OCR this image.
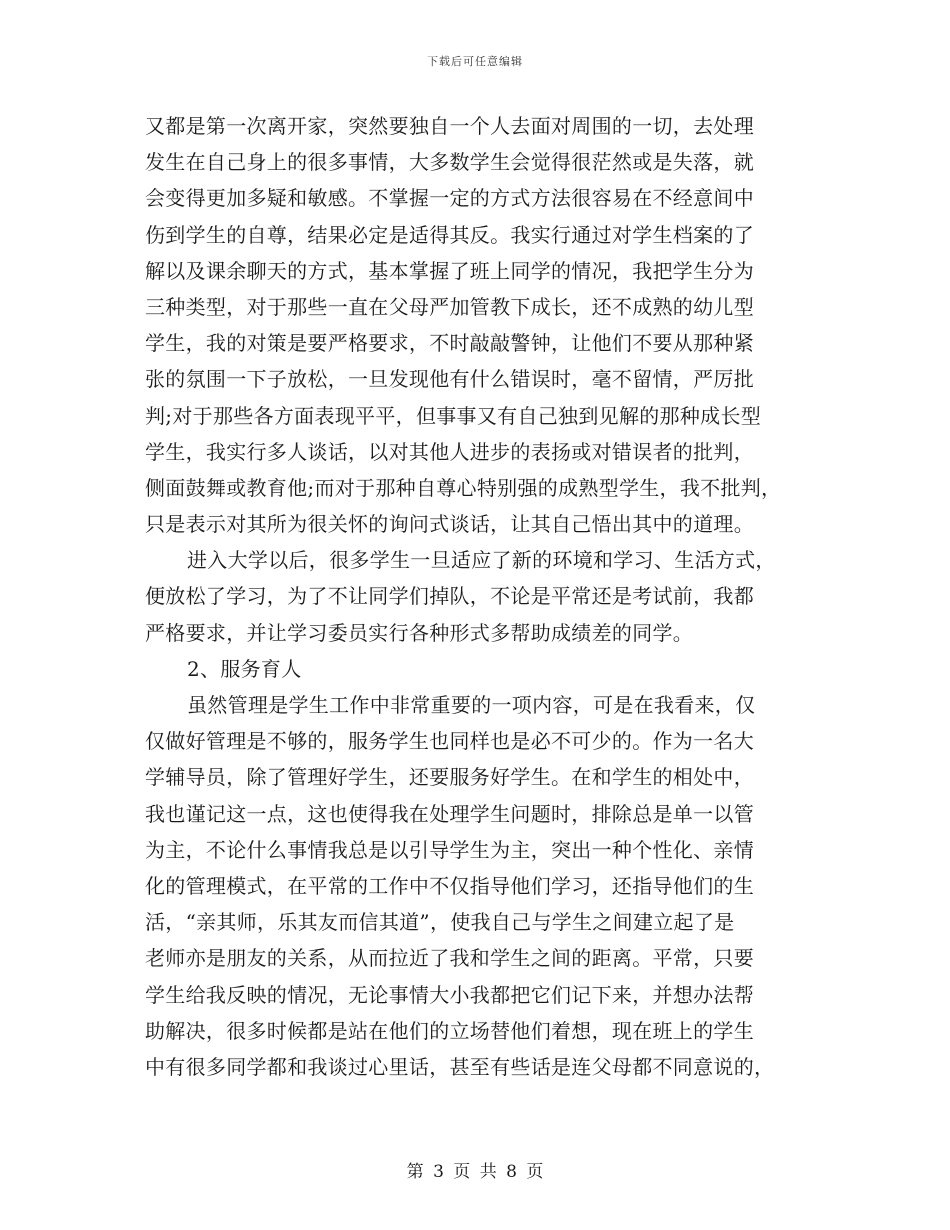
下载后可任意编辑
又都是第一次离开家，突然要独自一个人去面对周围的一切，去处理
发生在自己身上的很多事情，大多数学生会觉得很茫然或是失落，就
会变得更加多疑和敏感。不掌握一定的方式方法很容易在不经意间中
伤到学生的自尊，结果必定是适得其反。我实行通过对学生档案的了
解以及课余聊天的方式，基本掌握了班上同学的情况，我把学生分为
三种类型，对于那些一直在父母严加管教下成长，还不成熟的幼儿型
学生，我的对策是要严格要求，不时敲敲警钟，让他们不要从那种紧
张的氛围一下子放松，一旦发现他有什么错误时，毫不留情，严厉批
判;对于那些各方面表现平平，但事事又有自己独到见解的那种成长型
学生，我实行多人谈话，以对其他人进步的表扬或对错误者的批判，
侧面鼓舞或教育他;而对于那种自尊心特别强的成熟型学生，我不批判，
只是表示对其所为很关怀的询问式谈话，让其自己悟出其中的道理。
进入大学以后，很多学生一旦适应了新的环境和学习、生活方式，
便放松了学习，为了不让同学们掉队，不论是平常还是考试前，我都
严格要求，并让学习委员实行各种形式多帮助成绩差的同学。
2、服务育人
虽然管理是学生工作中非常重要的一项内容，可是在我看来，仅
仅做好管理是不够的，服务学生也同样也是必不可少的。作为一名大
学辅导员，除了管理好学生，还要服务好学生。在和学生的相处中，
我也谨记这一点，这也使得我在处理学生问题时，排除总是单一以管
为主，不论什么事情我总是以引导学生为主，突出一种个性化、亲情
化的管理模式，在平常的工作中不仅指导他们学习，还指导他们的生
活，“亲其师，乐其友而信其道”，使我自己与学生之间建立起了是
老师亦是朋友的关系，从而拉近了我和学生之间的距离。平常，只要
学生给我反映的情况，无论事情大小我都把它们记下来，并想办法帮
助解决，很多时候都是站在他们的立场替他们着想，现在班上的学生
中有很多同学都和我谈过心里话，甚至有些话是连父母都不同意说的，
第 3 页 共 8 页
